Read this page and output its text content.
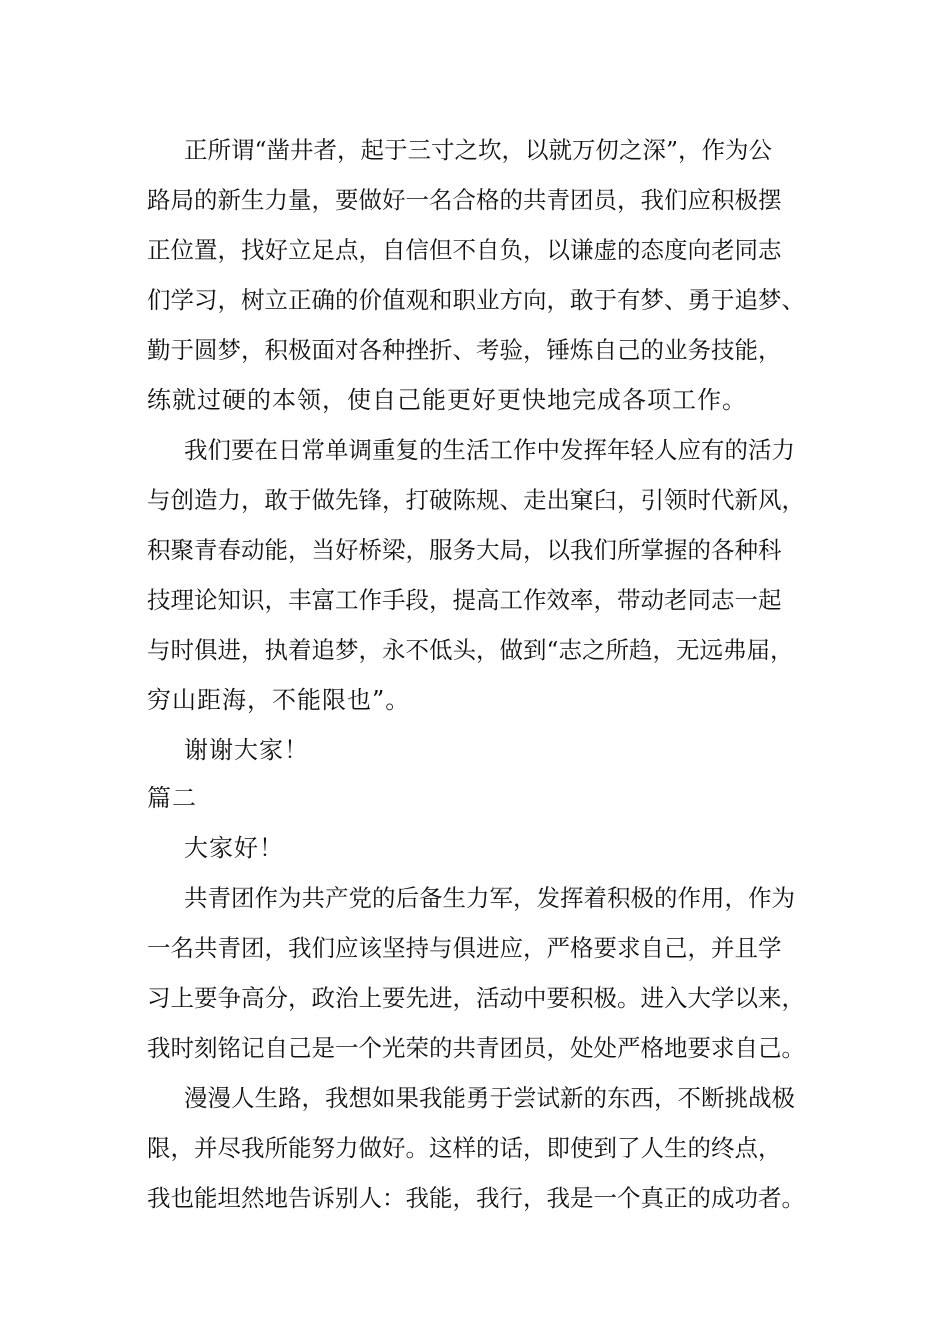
正所谓“凿井者，起于三寸之坎，以就万仞之深”，作为公
路局的新生力量，要做好一名合格的共青团员，我们应积极摆
正位置，找好立足点，自信但不自负，以谦虚的态度向老同志
们学习，树立正确的价值观和职业方向，敢于有梦、勇于追梦、
勤于圆梦，积极面对各种挫折、考验，锤炼自己的业务技能，
练就过硬的本领，使自己能更好更快地完成各项工作。
我们要在日常单调重复的生活工作中发挥年轻人应有的活力
与创造力，敢于做先锋，打破陈规、走出窠臼，引领时代新风，
积聚青春动能，当好桥梁，服务大局，以我们所掌握的各种科
技理论知识，丰富工作手段，提高工作效率，带动老同志一起
与时俱进，执着追梦，永不低头，做到“志之所趋，无远弗届，
穷山距海，不能限也”。
谢谢大家！
篇二
大家好！
共青团作为共产党的后备生力军，发挥着积极的作用，作为
一名共青团，我们应该坚持与俱进应，严格要求自己，并且学
习上要争高分，政治上要先进，活动中要积极。进入大学以来，
我时刻铭记自己是一个光荣的共青团员，处处严格地要求自己。
漫漫人生路，我想如果我能勇于尝试新的东西，不断挑战极
限，并尽我所能努力做好。这样的话，即使到了人生的终点，
我也能坦然地告诉别人：我能，我行，我是一个真正的成功者。
